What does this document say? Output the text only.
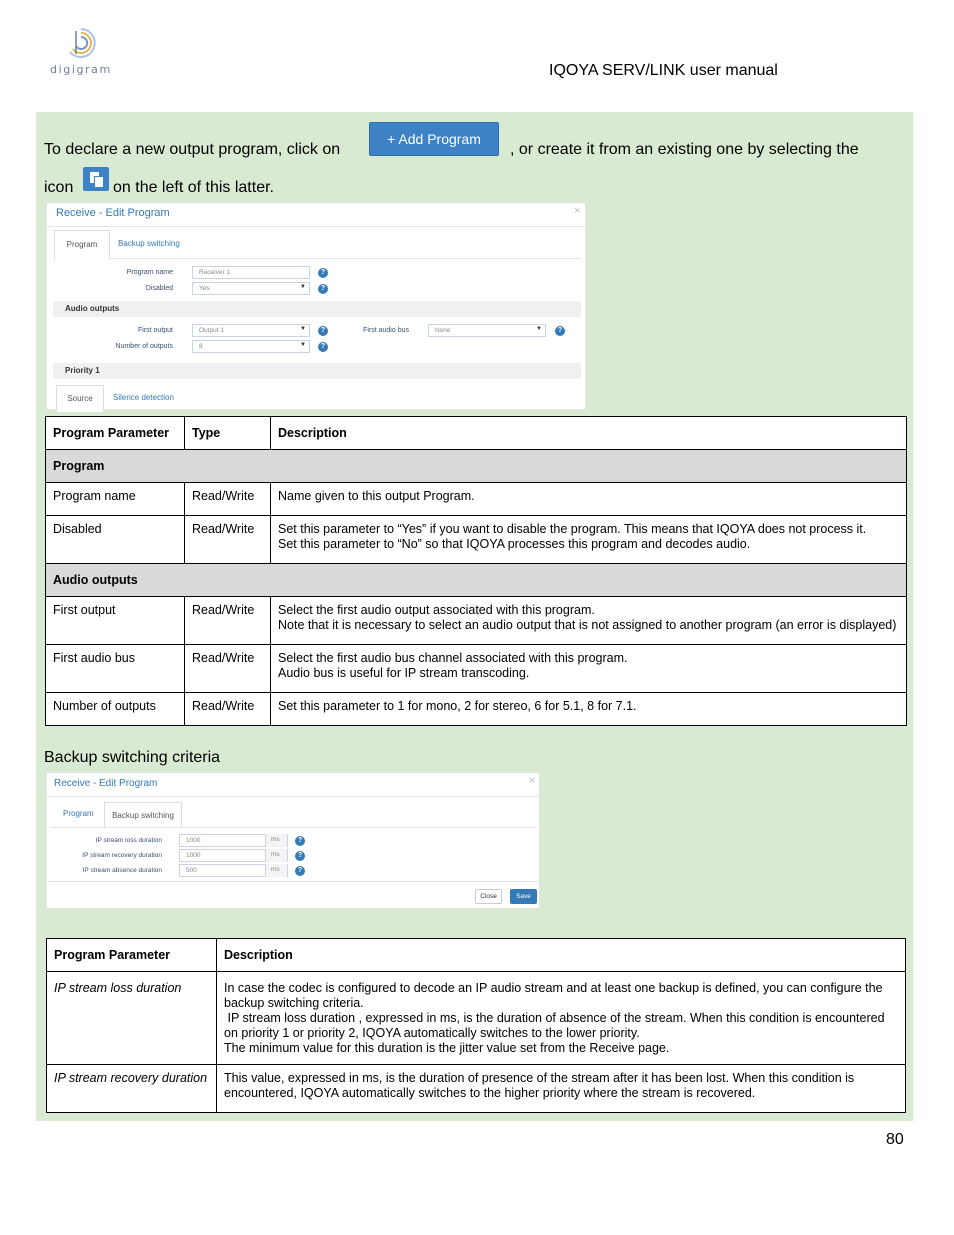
digigram	IQOYA SERV/LINK user manual
To declare a new output program, click on
+ Add Program
, or create it from an existing one by selecting the
icon on the left of this latter.
Receive - Edit Program	×
Program	Backup switching
Program name	Receiver 1	?
Disabled	Yes	▼	?
Audio outputs
First output	Output 1	▼	?	First audio bus	None	▼	?
Number of outputs	8	▼	?
Priority 1
Source	Silence detection
Program Parameter	Type	Description
Program		
Program name	Read/Write	Name given to this output Program.
Disabled	Read/Write	Set this parameter to “Yes” if you want to disable the program. This means that IQOYA does not process it.
Set this parameter to “No” so that IQOYA processes this program and decodes audio.

Audio outputs		
First output	Read/Write	Select the first audio output associated with this program.
Note that it is necessary to select an audio output that is not assigned to another program (an error is displayed)

First audio bus	Read/Write	Select the first audio bus channel associated with this program.
Audio bus is useful for IP stream transcoding.

Number of outputs	Read/Write	Set this parameter to 1 for mono, 2 for stereo, 6 for 5.1, 8 for 7.1.
Backup switching criteria
Receive - Edit Program	×
Program	Backup switching
IP stream loss duration	1000	ms	?
IP stream recovery duration	1000	ms	?
IP stream absence duration	500	ms	?
Close	Save
Program Parameter	Description
IP stream loss duration	In case the codec is configured to decode an IP audio stream and at least one backup is defined, you can configure the backup switching criteria.
IP stream loss duration , expressed in ms, is the duration of absence of the stream. When this condition is encountered on priority 1 or priority 2, IQOYA automatically switches to the lower priority.
The minimum value for this duration is the jitter value set from the Receive page.

IP stream recovery duration	This value, expressed in ms, is the duration of presence of the stream after it has been lost. When this condition is encountered, IQOYA automatically switches to the higher priority where the stream is recovered.
80
